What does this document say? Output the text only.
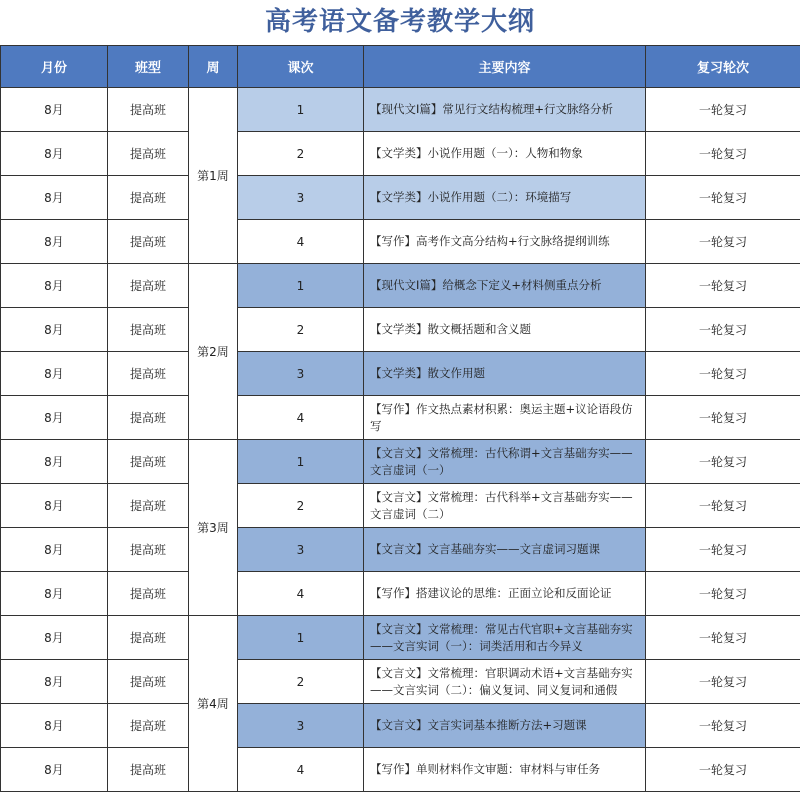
高考语文备考教学大纲
月份	班型	周	课次	主要内容	复习轮次
8月	提高班	第1周	1	【现代文I篇】常见行文结构梳理+行文脉络分析	一轮复习
8月	提高班		2	【文学类】小说作用题（一）：人物和物象	一轮复习
8月	提高班		3	【文学类】小说作用题（二）：环境描写	一轮复习
8月	提高班		4	【写作】高考作文高分结构+行文脉络提纲训练	一轮复习
8月	提高班	第2周	1	【现代文I篇】给概念下定义+材料侧重点分析	一轮复习
8月	提高班		2	【文学类】散文概括题和含义题	一轮复习
8月	提高班		3	【文学类】散文作用题	一轮复习
8月	提高班		4	【写作】作文热点素材积累：奥运主题+议论语段仿写	一轮复习
8月	提高班	第3周	1	【文言文】文常梳理：古代称谓+文言基础夯实——文言虚词（一）	一轮复习
8月	提高班		2	【文言文】文常梳理：古代科举+文言基础夯实——文言虚词（二）	一轮复习
8月	提高班		3	【文言文】文言基础夯实——文言虚词习题课	一轮复习
8月	提高班		4	【写作】搭建议论的思维：正面立论和反面论证	一轮复习
8月	提高班	第4周	1	【文言文】文常梳理：常见古代官职+文言基础夯实——文言实词（一）：词类活用和古今异义	一轮复习
8月	提高班		2	【文言文】文常梳理：官职调动术语+文言基础夯实——文言实词（二）：偏义复词、同义复词和通假	一轮复习
8月	提高班		3	【文言文】文言实词基本推断方法+习题课	一轮复习
8月	提高班		4	【写作】单则材料作文审题：审材料与审任务	一轮复习
